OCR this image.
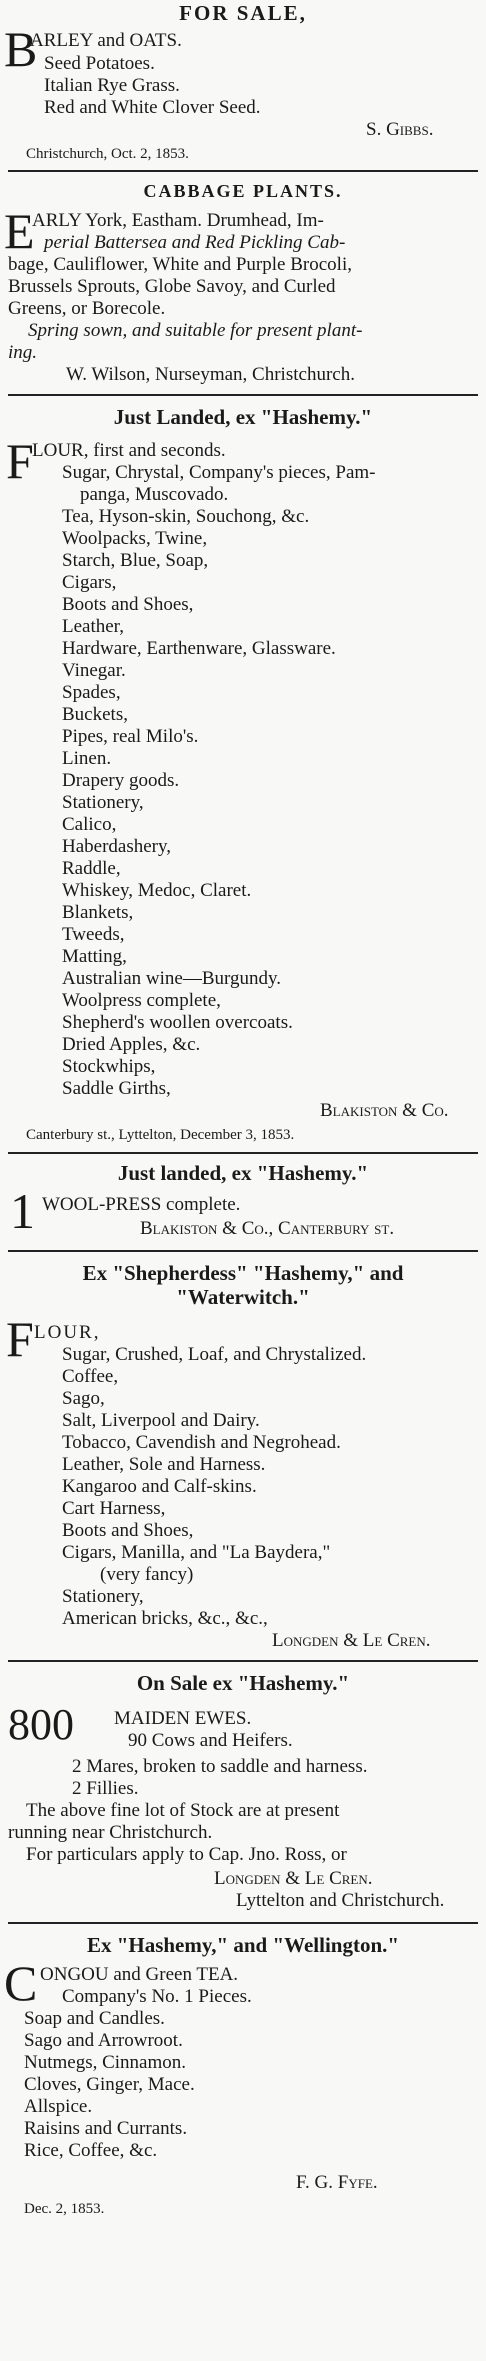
FOR SALE,
B
ARLEY and OATS.
Seed Potatoes.
Italian Rye Grass.
Red and White Clover Seed.
S. Gibbs.
Christchurch, Oct. 2, 1853.
CABBAGE PLANTS.
E
ARLY York, Eastham. Drumhead, Im-
perial Battersea and Red Pickling Cab-
bage, Cauliflower, White and Purple Brocoli,
Brussels Sprouts, Globe Savoy, and Curled
Greens, or Borecole.
Spring sown, and suitable for present plant-
ing.
W. Wilson, Nurseyman, Christchurch.
Just Landed, ex "Hashemy."
F
LOUR, first and seconds.
Sugar, Chrystal, Company's pieces, Pam-
panga, Muscovado.
Tea, Hyson-skin, Souchong, &c.
Woolpacks, Twine,
Starch, Blue, Soap,
Cigars,
Boots and Shoes,
Leather,
Hardware, Earthenware, Glassware.
Vinegar.
Spades,
Buckets,
Pipes, real Milo's.
Linen.
Drapery goods.
Stationery,
Calico,
Haberdashery,
Raddle,
Whiskey, Medoc, Claret.
Blankets,
Tweeds,
Matting,
Australian wine—Burgundy.
Woolpress complete,
Shepherd's woollen overcoats.
Dried Apples, &c.
Stockwhips,
Saddle Girths,
Blakiston & Co.
Canterbury st., Lyttelton, December 3, 1853.
Just landed, ex "Hashemy."
1 WOOL-PRESS complete.
Blakiston & Co., Canterbury st.
Ex "Shepherdess" "Hashemy," and
"Waterwitch."
F LOUR,
Sugar, Crushed, Loaf, and Chrystalized.
Coffee,
Sago,
Salt, Liverpool and Dairy.
Tobacco, Cavendish and Negrohead.
Leather, Sole and Harness.
Kangaroo and Calf-skins.
Cart Harness,
Boots and Shoes,
Cigars, Manilla, and "La Baydera,"
(very fancy)
Stationery,
American bricks, &c., &c.,
Longden & Le Cren.
On Sale ex "Hashemy."
800 MAIDEN EWES.
90 Cows and Heifers.
2 Mares, broken to saddle and harness.
2 Fillies.
The above fine lot of Stock are at present
running near Christchurch.
For particulars apply to Cap. Jno. Ross, or
Longden & Le Cren.
Lyttelton and Christchurch.
Ex "Hashemy," and "Wellington."
C ONGOU and Green TEA.
Company's No. 1 Pieces.
Soap and Candles.
Sago and Arrowroot.
Nutmegs, Cinnamon.
Cloves, Ginger, Mace.
Allspice.
Raisins and Currants.
Rice, Coffee, &c.
F. G. Fyfe.
Dec. 2, 1853.
